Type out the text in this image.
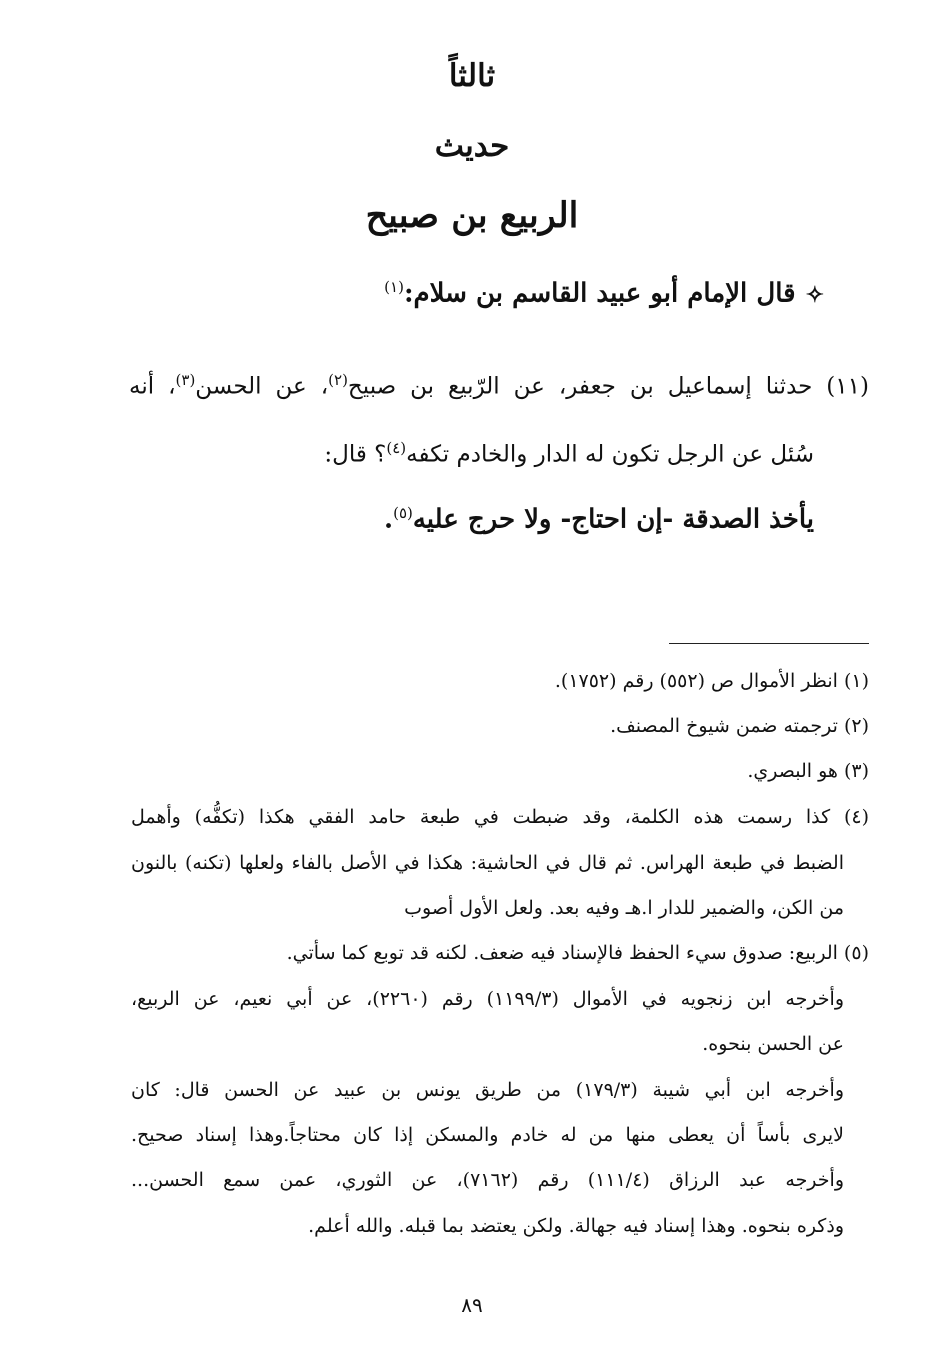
ثالثاً
حديث
الربيع بن صبيح
✧قال الإمام أبو عبيد القاسم بن سلام:$^{(١)}$
(١١) حدثنا إسماعيل بن جعفر، عن الرّبيع بن صبيح$^{(٢)}$، عن الحسن$^{(٣)}$، أنه
سُئل عن الرجل تكون له الدار والخادم تكفه$^{(٤)}$؟ قال:
يأخذ الصدقة -إن احتاج- ولا حرج عليه$^{(٥)}$.
(١) انظر الأموال ص (٥٥٢) رقم (١٧٥٢).
(٢) ترجمته ضمن شيوخ المصنف.
(٣) هو البصري.
(٤) كذا رسمت هذه الكلمة، وقد ضبطت في طبعة حامد الفقي هكذا (تكفُّه) وأهمل
الضبط في طبعة الهراس. ثم قال في الحاشية: هكذا في الأصل بالفاء ولعلها (تكنه) بالنون
من الكن، والضمير للدار ا.هـ وفيه بعد. ولعل الأول أصوب
(٥) الربيع: صدوق سيء الحفظ فالإسناد فيه ضعف. لكنه قد توبع كما سأتي.
وأخرجه ابن زنجويه في الأموال (١١٩٩/٣) رقم (٢٢٦٠)، عن أبي نعيم، عن الربيع،
عن الحسن بنحوه.
وأخرجه ابن أبي شيبة (١٧٩/٣) من طريق يونس بن عبيد عن الحسن قال: كان
لايرى بأساً أن يعطى منها من له خادم والمسكن إذا كان محتاجاً.وهذا إسناد صحيح.
وأخرجه عبد الرزاق (١١١/٤) رقم (٧١٦٢)، عن الثوري، عمن سمع الحسن...
وذكره بنحوه. وهذا إسناد فيه جهالة. ولكن يعتضد بما قبله. والله أعلم.
٨٩
